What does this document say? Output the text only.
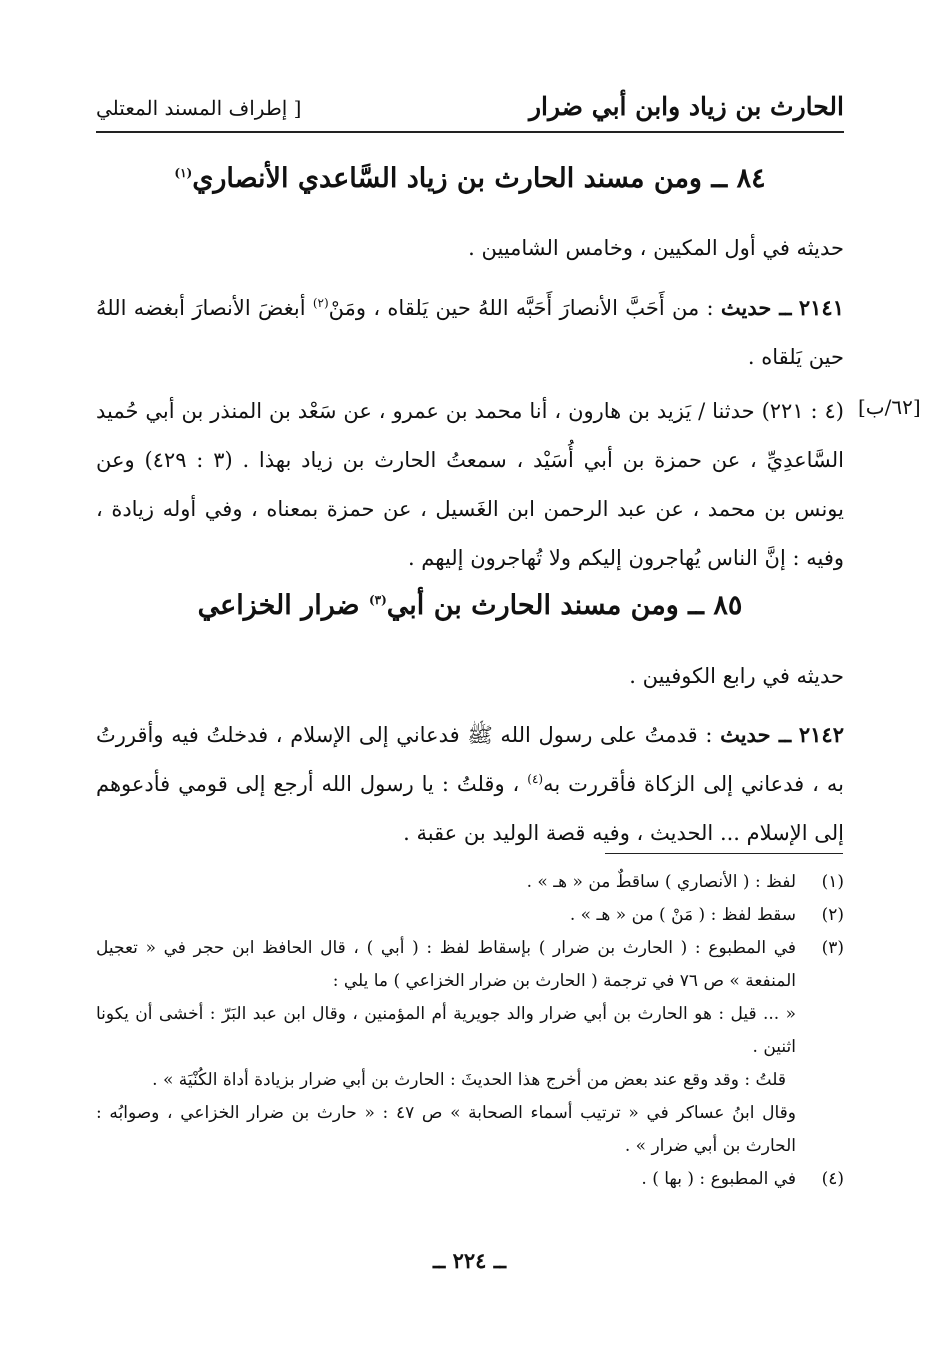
الحارث بن زياد وابن أبي ضرار
[ إطراف المسند المعتلي
٨٤ ــ ومن مسند الحارث بن زياد السَّاعدي الأنصاري$^{(١)}$
حديثه في أول المكيين ، وخامس الشاميين .
٢١٤١ ــ حديث : من أَحَبَّ الأنصارَ أَحَبَّه اللهُ حين يَلقاه ، ومَنْ$^{(٢)}$ أبغضَ الأنصارَ أبغضه اللهُ حين يَلقاه .
[٦٢/ب]
(٤ : ٢٢١) حدثنا / يَزيد بن هارون ، أنا محمد بن عمرو ، عن سَعْد بن المنذر بن أبي حُميد السَّاعدِيِّ ، عن حمزة بن أبي أُسَيْد ، سمعتُ الحارث بن زياد بهذا . (٣ : ٤٢٩) وعن يونس بن محمد ، عن عبد الرحمن ابن الغَسيل ، عن حمزة بمعناه ، وفي أوله زيادة ، وفيه : إنَّ الناس يُهاجرون إليكم ولا تُهاجرون إليهم .
٨٥ ــ ومن مسند الحارث بن أبي$^{(٣)}$ ضرار الخزاعي
حديثه في رابع الكوفيين .
٢١٤٢ ــ حديث : قدمتُ على رسول الله ﷺ فدعاني إلى الإسلام ، فدخلتُ فيه وأقررتُ به ، فدعاني إلى الزكاة فأقررت به$^{(٤)}$ ، وقلتُ : يا رسول الله أرجع إلى قومي فأدعوهم إلى الإسلام ... الحديث ، وفيه قصة الوليد بن عقبة .
(١)
لفظ : ( الأنصاري ) ساقطٌ من « هـ » .
(٢)
سقط لفظ : ( مَنْ ) من « هـ » .
(٣)
في المطبوع : ( الحارث بن ضرار ) بإسقاط لفظ : ( أبي ) ، قال الحافظ ابن حجر في « تعجيل المنفعة » ص ٧٦ في ترجمة ( الحارث بن ضرار الخزاعي ) ما يلي :
« ... قيل : هو الحارث بن أبي ضرار والد جويرية أم المؤمنين ، وقال ابن عبد البَرّ : أخشى أن يكونا اثنين .
قلتُ : وقد وقع عند بعض من أخرج هذا الحديثَ : الحارث بن أبي ضرار بزيادة أداة الكُنْيَة » .
وقال ابنُ عساكر في « ترتيب أسماء الصحابة » ص ٤٧ : « حارث بن ضرار الخزاعي ، وصوابُه : الحارث بن أبي ضرار » .
(٤)
في المطبوع : ( بها ) .
ــ ٢٢٤ ــ
